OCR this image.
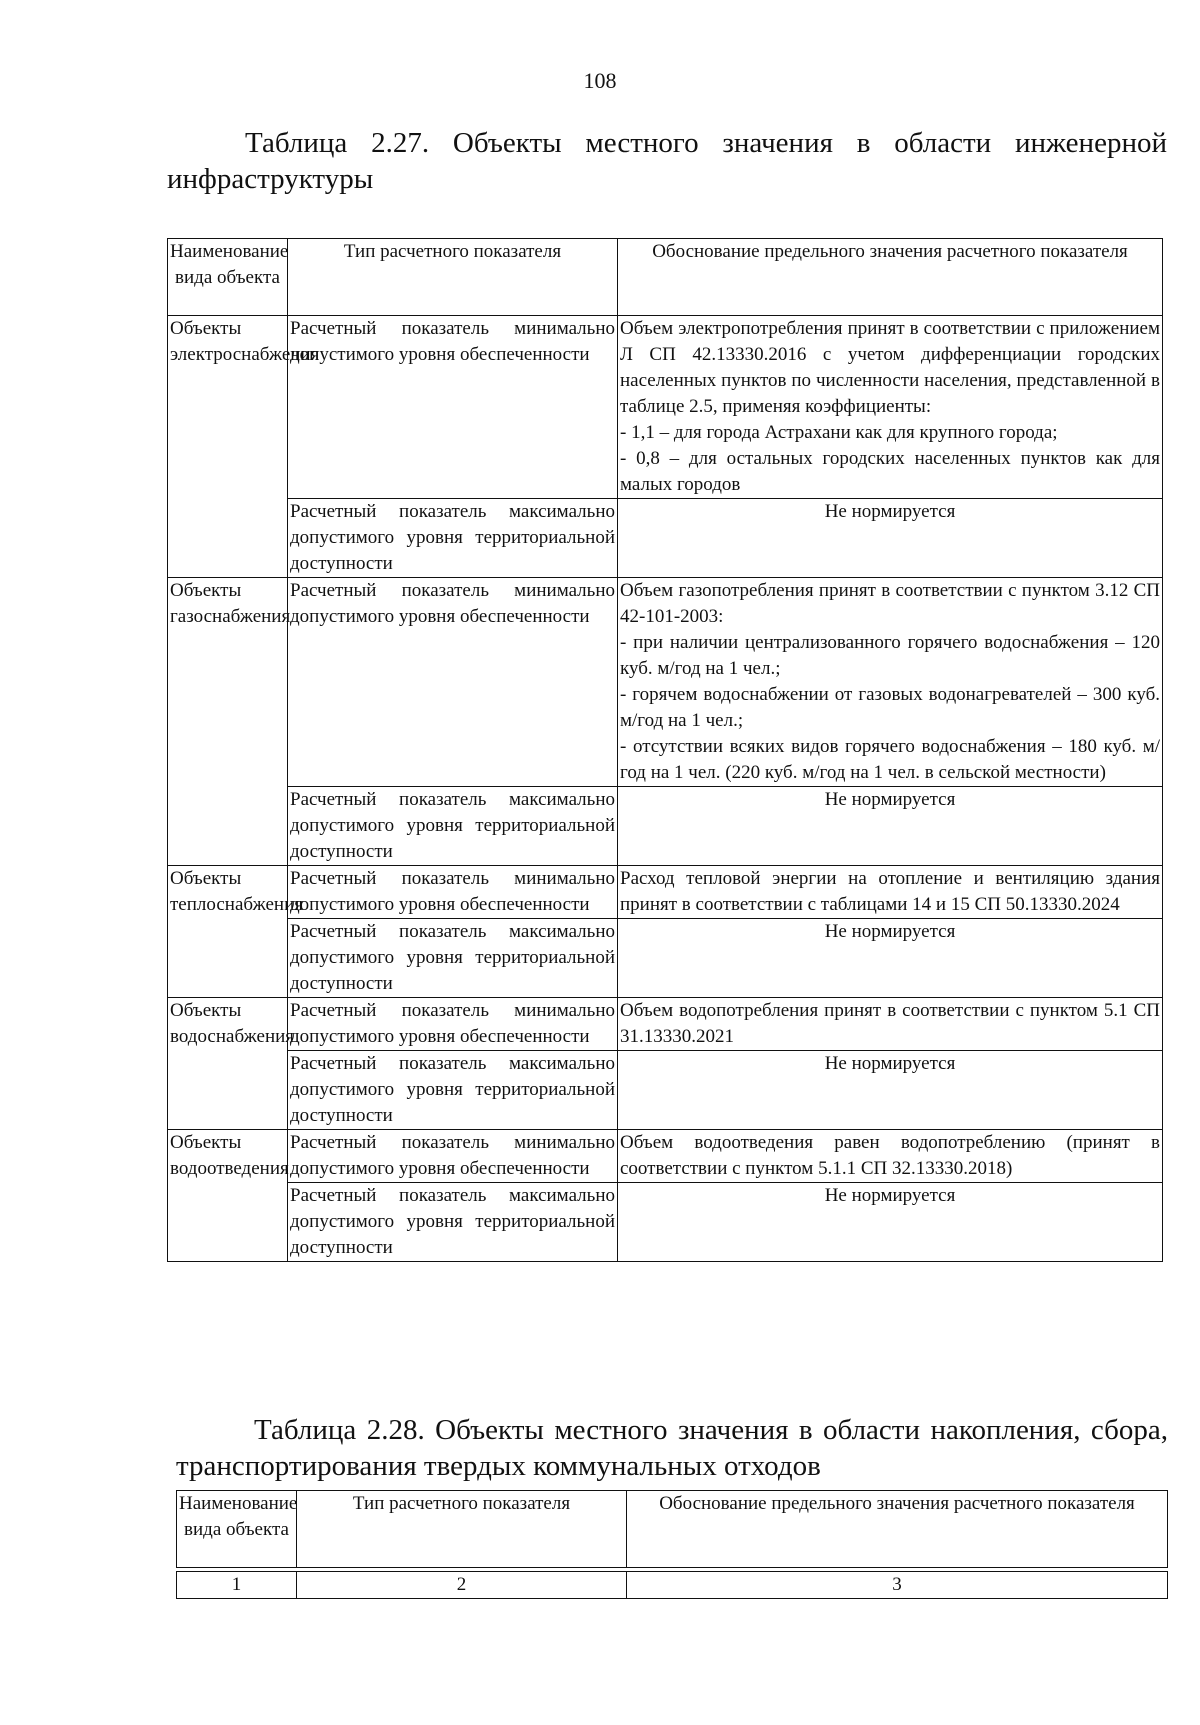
108
Таблица 2.27. Объекты местного значения в области инженерной инфраструктуры
Наименование вида объекта	Тип расчетного показателя	Обоснование предельного значения расчетного показателя
Объекты электроснабжения	Расчетный показатель минимально допустимого уровня обеспеченности	Объем электропотребления принят в соответствии с приложением Л СП 42.13330.2016 с учетом дифференциации городских населенных пунктов по численности населения, представленной в таблице 2.5, применяя коэффициенты:
- 1,1 – для города Астрахани как для крупного города;
- 0,8 – для остальных городских населенных пунктов как для малых городов

	Расчетный показатель максимально допустимого уровня территориальной доступности	Не нормируется
Объекты газоснабжения	Расчетный показатель минимально допустимого уровня обеспеченности	Объем газопотребления принят в соответствии с пунктом 3.12 СП 42-101-2003:
- при наличии централизованного горячего водоснабжения – 120 куб. м/год на 1 чел.;
- горячем водоснабжении от газовых водонагревателей – 300 куб. м/год на 1 чел.;
- отсутствии всяких видов горячего водоснабжения – 180 куб. м/год на 1 чел. (220 куб. м/год на 1 чел. в сельской местности)

	Расчетный показатель максимально допустимого уровня территориальной доступности	Не нормируется
Объекты теплоснабжения	Расчетный показатель минимально допустимого уровня обеспеченности	Расход тепловой энергии на отопление и вентиляцию здания принят в соответствии с таблицами 14 и 15 СП 50.13330.2024

	Расчетный показатель максимально допустимого уровня территориальной доступности	Не нормируется
Объекты водоснабжения	Расчетный показатель минимально допустимого уровня обеспеченности	Объем водопотребления принят в соответствии с пунктом 5.1 СП 31.13330.2021

	Расчетный показатель максимально допустимого уровня территориальной доступности	Не нормируется
Объекты водоотведения	Расчетный показатель минимально допустимого уровня обеспеченности	Объем водоотведения равен водопотреблению (принят в соответствии с пунктом 5.1.1 СП 32.13330.2018)

	Расчетный показатель максимально допустимого уровня территориальной доступности	Не нормируется
Таблица 2.28. Объекты местного значения в области накопления, сбора, транспортирования твердых коммунальных отходов
Наименование вида объекта	Тип расчетного показателя	Обоснование предельного значения расчетного показателя

1	2	3
